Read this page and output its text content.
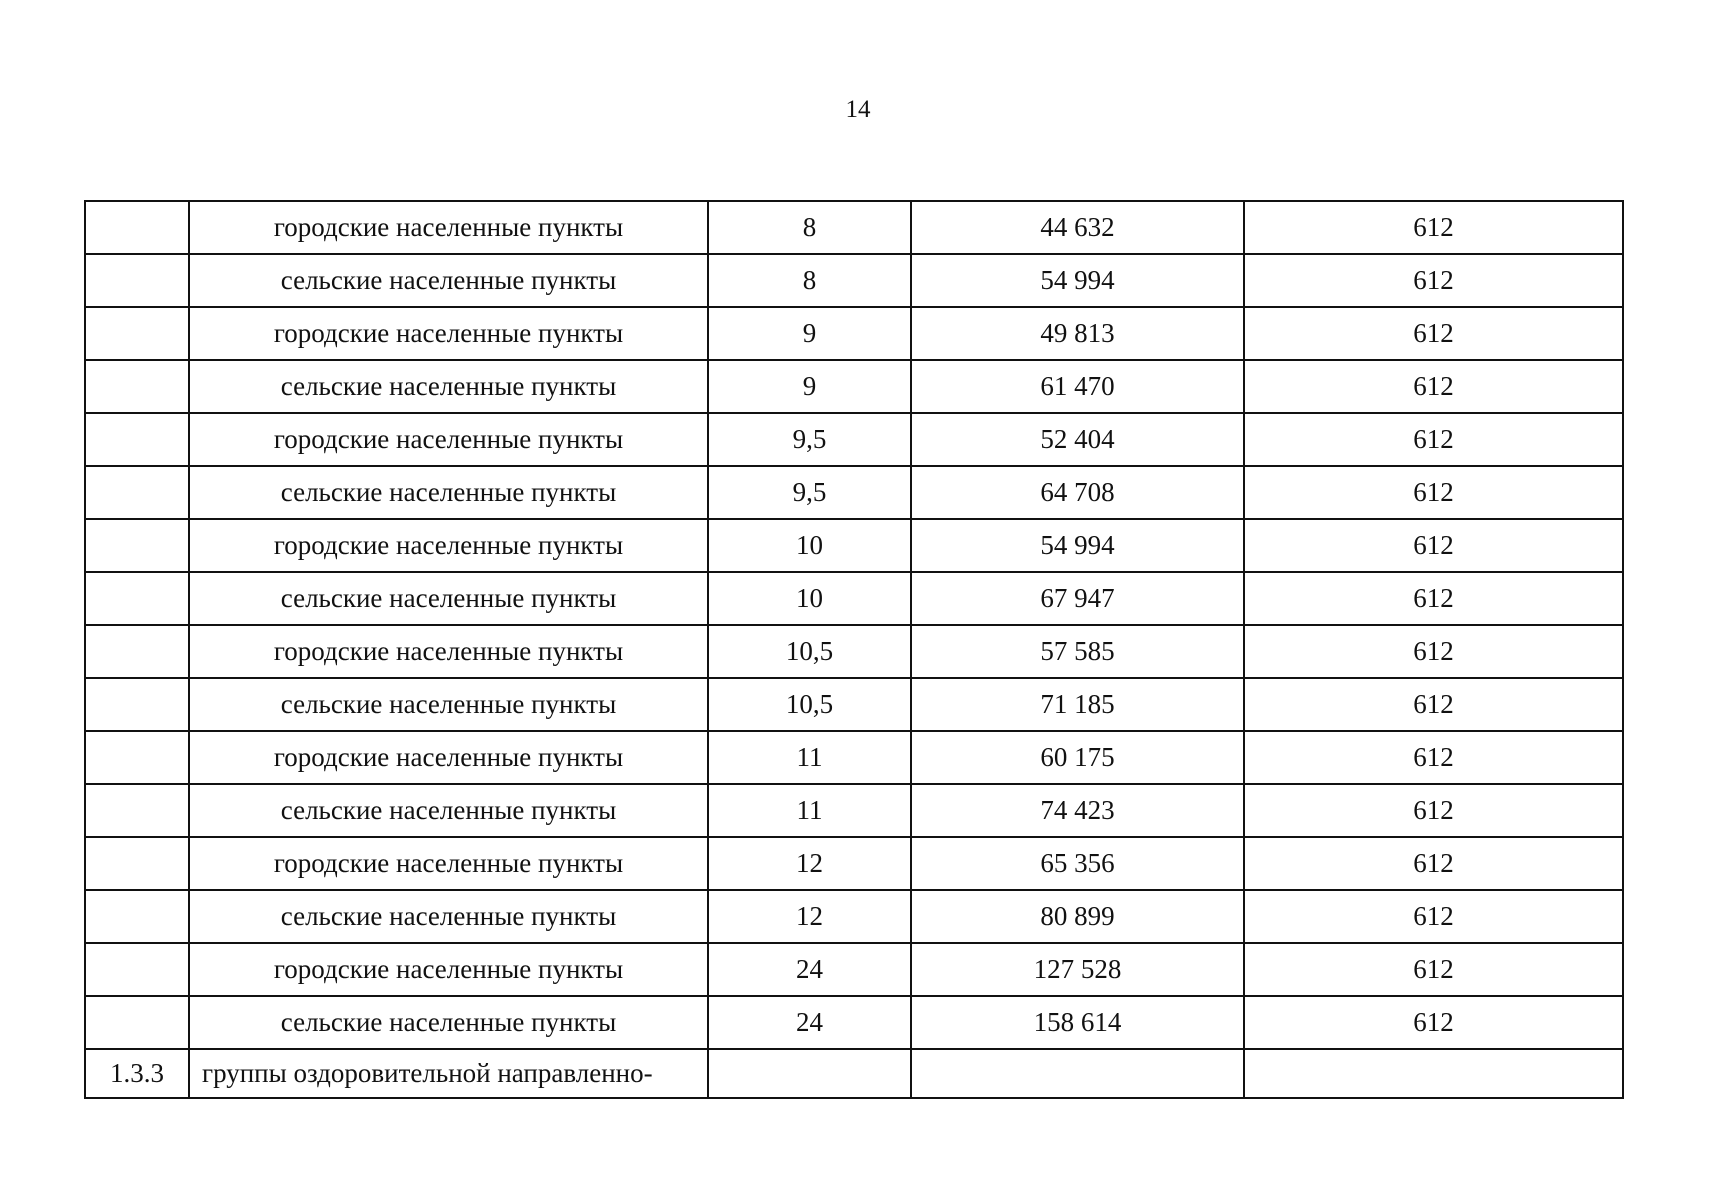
14
	городские населенные пункты	8	44 632	612
	сельские населенные пункты	8	54 994	612
	городские населенные пункты	9	49 813	612
	сельские населенные пункты	9	61 470	612
	городские населенные пункты	9,5	52 404	612
	сельские населенные пункты	9,5	64 708	612
	городские населенные пункты	10	54 994	612
	сельские населенные пункты	10	67 947	612
	городские населенные пункты	10,5	57 585	612
	сельские населенные пункты	10,5	71 185	612
	городские населенные пункты	11	60 175	612
	сельские населенные пункты	11	74 423	612
	городские населенные пункты	12	65 356	612
	сельские населенные пункты	12	80 899	612
	городские населенные пункты	24	127 528	612
	сельские населенные пункты	24	158 614	612
1.3.3	группы оздоровительной направленно-			
